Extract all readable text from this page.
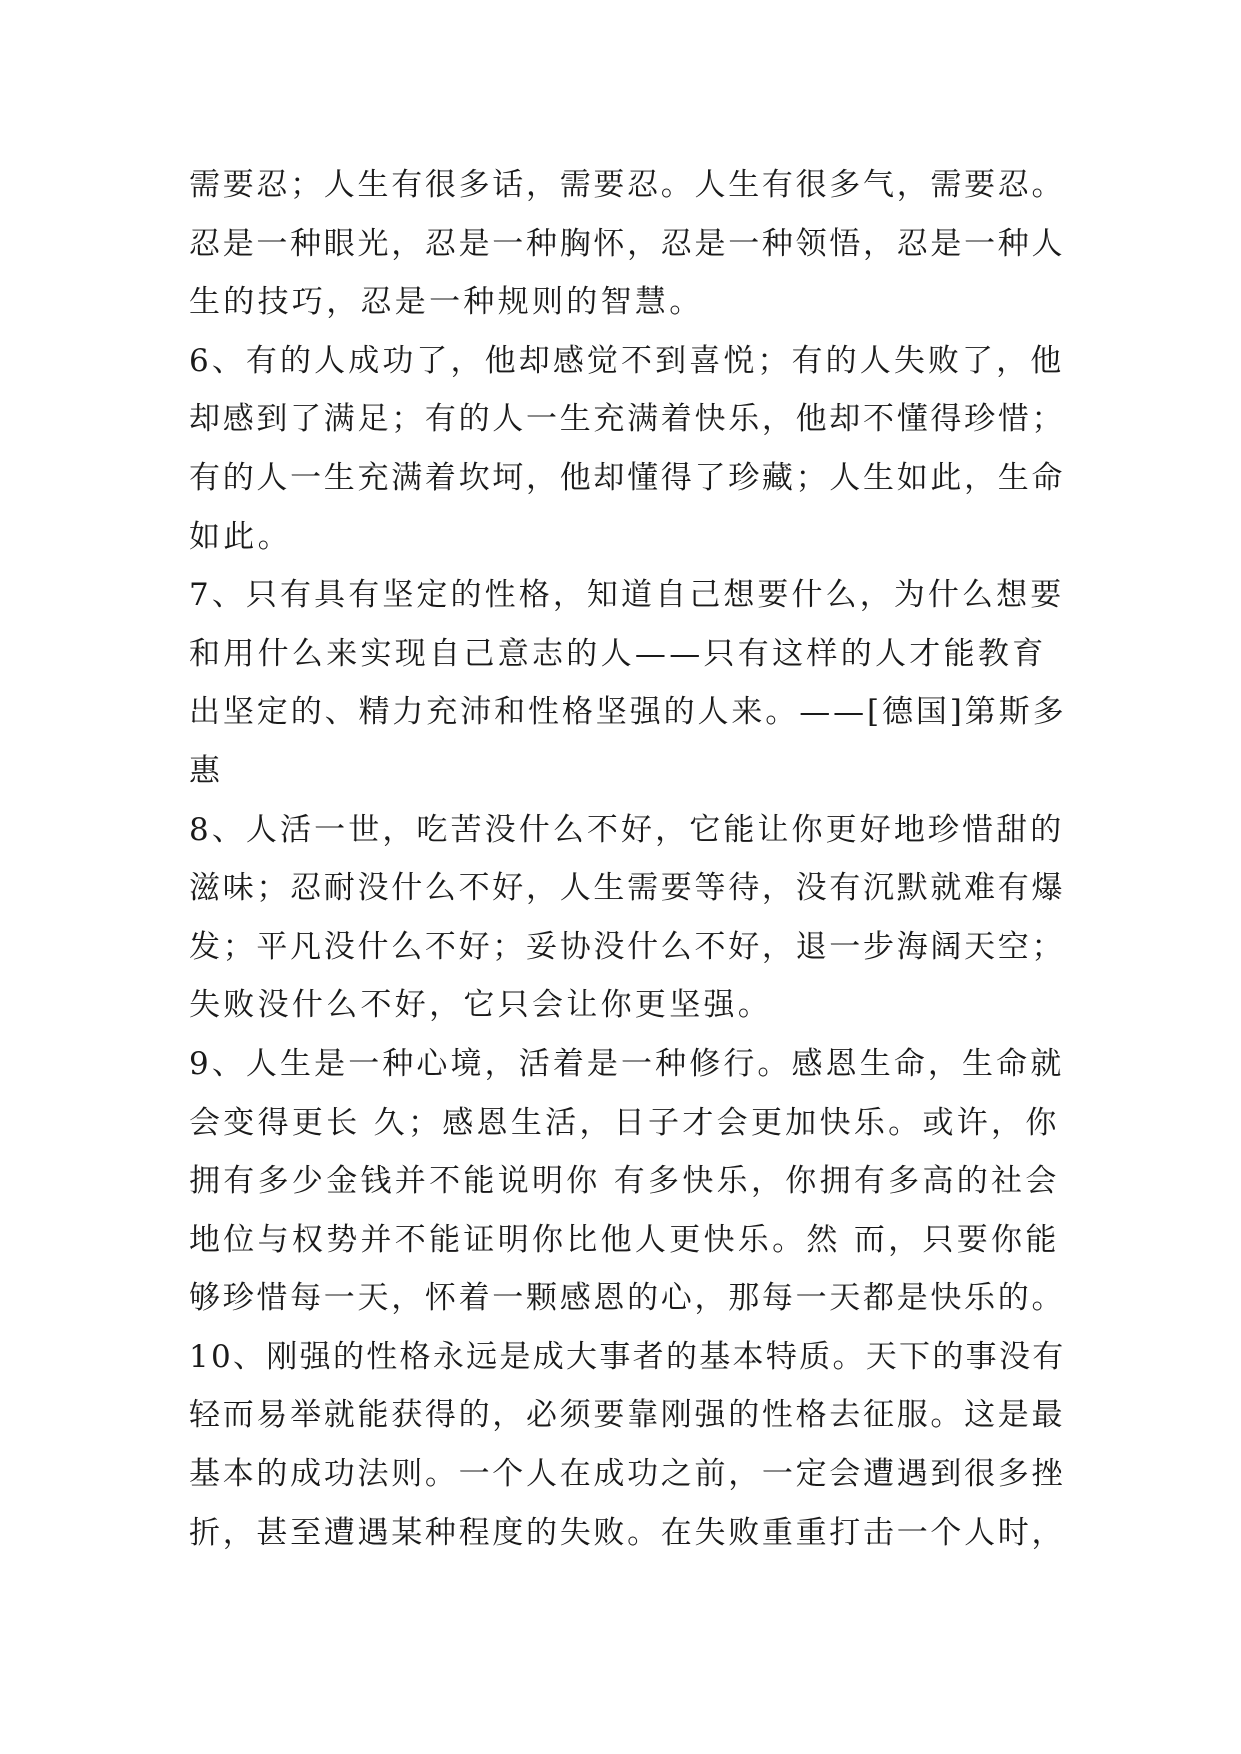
需要忍；人生有很多话，需要忍。人生有很多气，需要忍。
忍是一种眼光，忍是一种胸怀，忍是一种领悟，忍是一种人
生的技巧，忍是一种规则的智慧。
6、有的人成功了，他却感觉不到喜悦；有的人失败了，他
却感到了满足；有的人一生充满着快乐，他却不懂得珍惜；
有的人一生充满着坎坷，他却懂得了珍藏；人生如此，生命
如此。
7、只有具有坚定的性格，知道自己想要什么，为什么想要
和用什么来实现自己意志的人——只有这样的人才能教育
出坚定的、精力充沛和性格坚强的人来。——[德国]第斯多
惠
8、人活一世，吃苦没什么不好，它能让你更好地珍惜甜的
滋味；忍耐没什么不好，人生需要等待，没有沉默就难有爆
发；平凡没什么不好；妥协没什么不好，退一步海阔天空；
失败没什么不好，它只会让你更坚强。
9、人生是一种心境，活着是一种修行。感恩生命，生命就
会变得更长 久；感恩生活，日子才会更加快乐。或许，你
拥有多少金钱并不能说明你 有多快乐，你拥有多高的社会
地位与权势并不能证明你比他人更快乐。然 而，只要你能
够珍惜每一天，怀着一颗感恩的心，那每一天都是快乐的。
10、刚强的性格永远是成大事者的基本特质。天下的事没有
轻而易举就能获得的，必须要靠刚强的性格去征服。这是最
基本的成功法则。一个人在成功之前，一定会遭遇到很多挫
折，甚至遭遇某种程度的失败。在失败重重打击一个人时，
